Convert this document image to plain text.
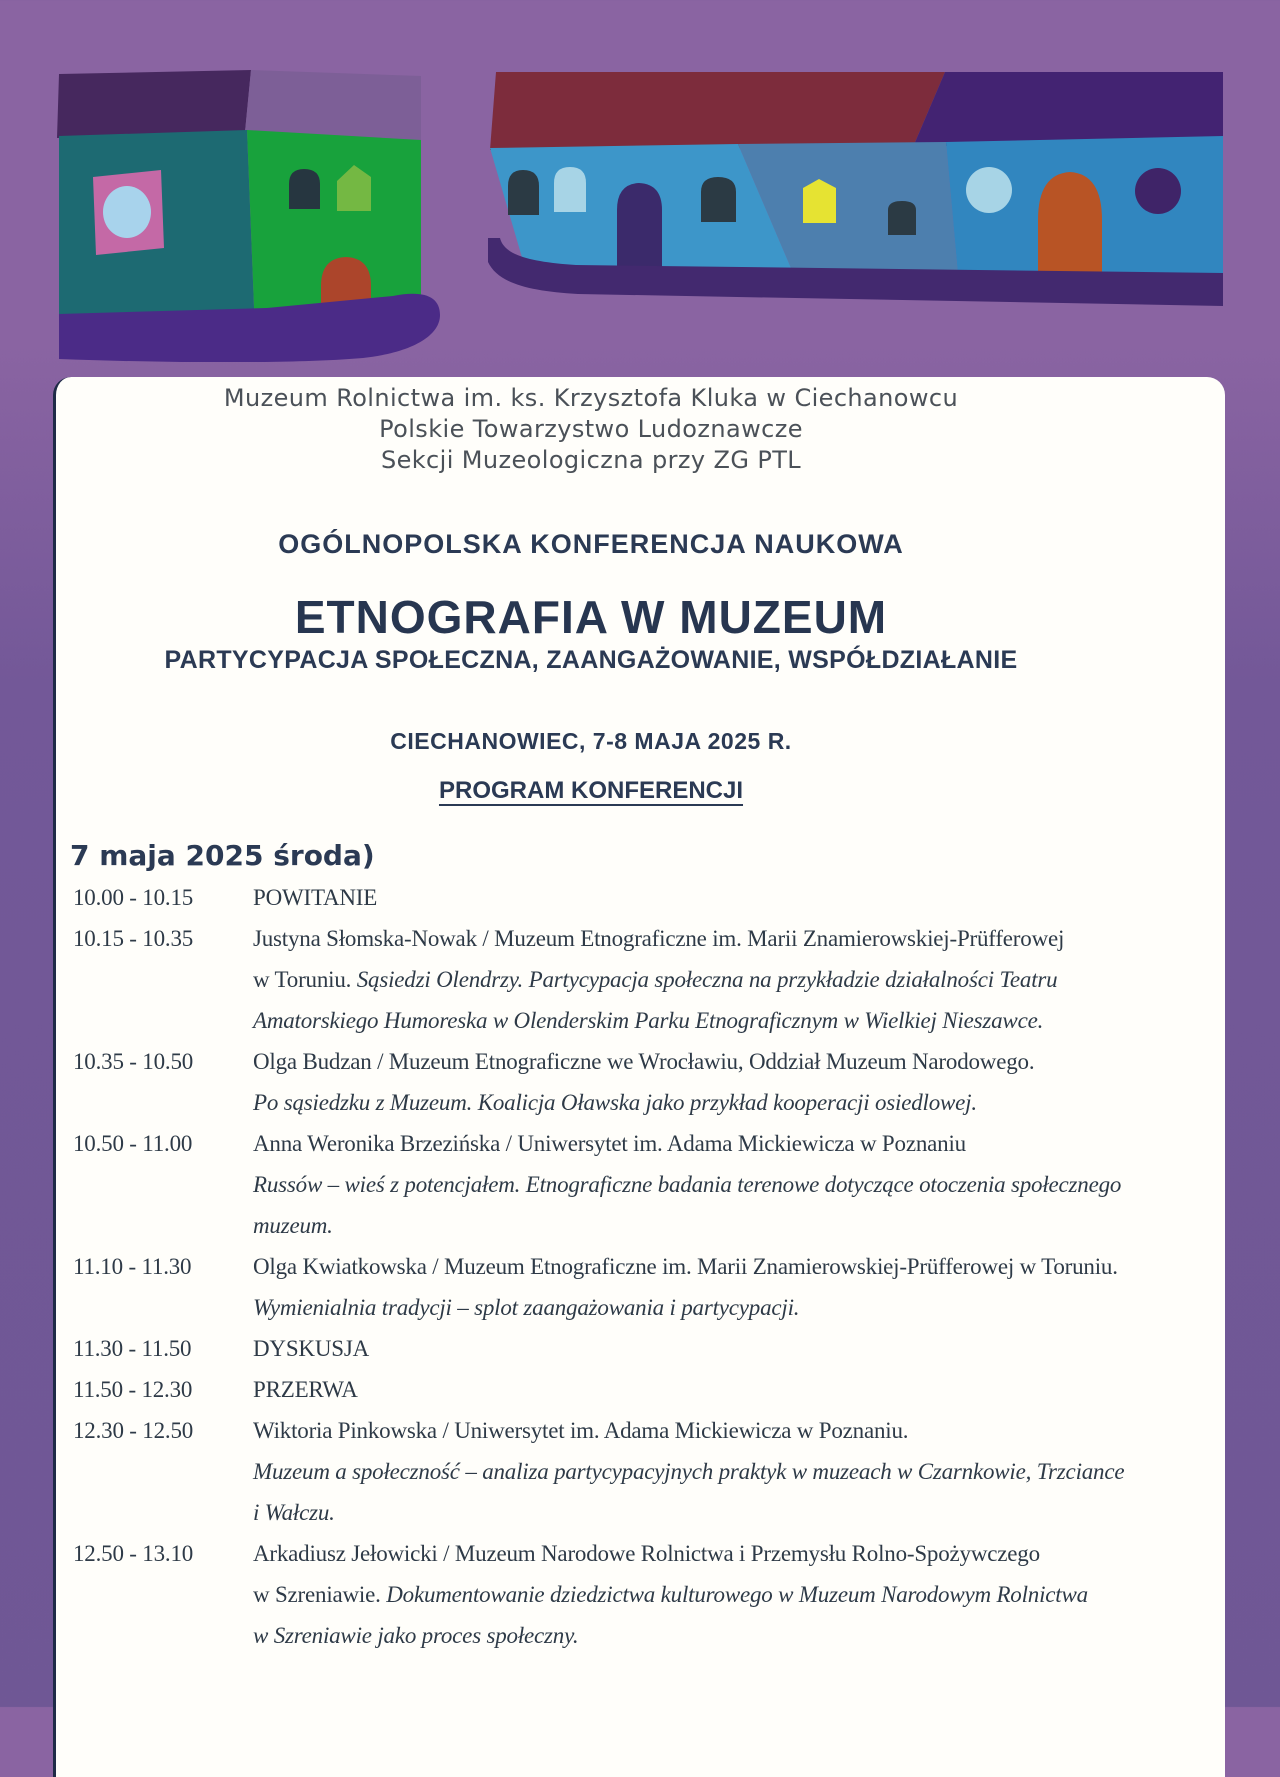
Muzeum Rolnictwa im. ks. Krzysztofa Kluka w Ciechanowcu
Polskie Towarzystwo Ludoznawcze
Sekcji Muzeologiczna przy ZG PTL
OGÓLNOPOLSKA KONFERENCJA NAUKOWA
ETNOGRAFIA W MUZEUM
PARTYCYPACJA SPOŁECZNA, ZAANGAŻOWANIE, WSPÓŁDZIAŁANIE
CIECHANOWIEC, 7-8 MAJA 2025 R.
PROGRAM KONFERENCJI
7 maja 2025 środa)
10.00 - 10.15	POWITANIE
10.15 - 10.35	Justyna Słomska-Nowak / Muzeum Etnograficzne im. Marii Znamierowskiej-Prüfferowej
w Toruniu. Sąsiedzi Olendrzy. Partycypacja społeczna na przykładzie działalności Teatru
Amatorskiego Humoreska w Olenderskim Parku Etnograficznym w Wielkiej Nieszawce.
10.35 - 10.50	Olga Budzan / Muzeum Etnograficzne we Wrocławiu, Oddział Muzeum Narodowego.
Po sąsiedzku z Muzeum. Koalicja Oławska jako przykład kooperacji osiedlowej.
10.50 - 11.00	Anna Weronika Brzezińska / Uniwersytet im. Adama Mickiewicza w Poznaniu
Russów – wieś z potencjałem. Etnograficzne badania terenowe dotyczące otoczenia społecznego
muzeum.
11.10 - 11.30	Olga Kwiatkowska / Muzeum Etnograficzne im. Marii Znamierowskiej-Prüfferowej w Toruniu.
Wymienialnia tradycji – splot zaangażowania i partycypacji.
11.30 - 11.50	DYSKUSJA
11.50 - 12.30	PRZERWA
12.30 - 12.50	Wiktoria Pinkowska / Uniwersytet im. Adama Mickiewicza w Poznaniu.
Muzeum a społeczność – analiza partycypacyjnych praktyk w muzeach w Czarnkowie, Trzciance
i Wałczu.
12.50 - 13.10	Arkadiusz Jełowicki / Muzeum Narodowe Rolnictwa i Przemysłu Rolno-Spożywczego
w Szreniawie. Dokumentowanie dziedzictwa kulturowego w Muzeum Narodowym Rolnictwa
w Szreniawie jako proces społeczny.
